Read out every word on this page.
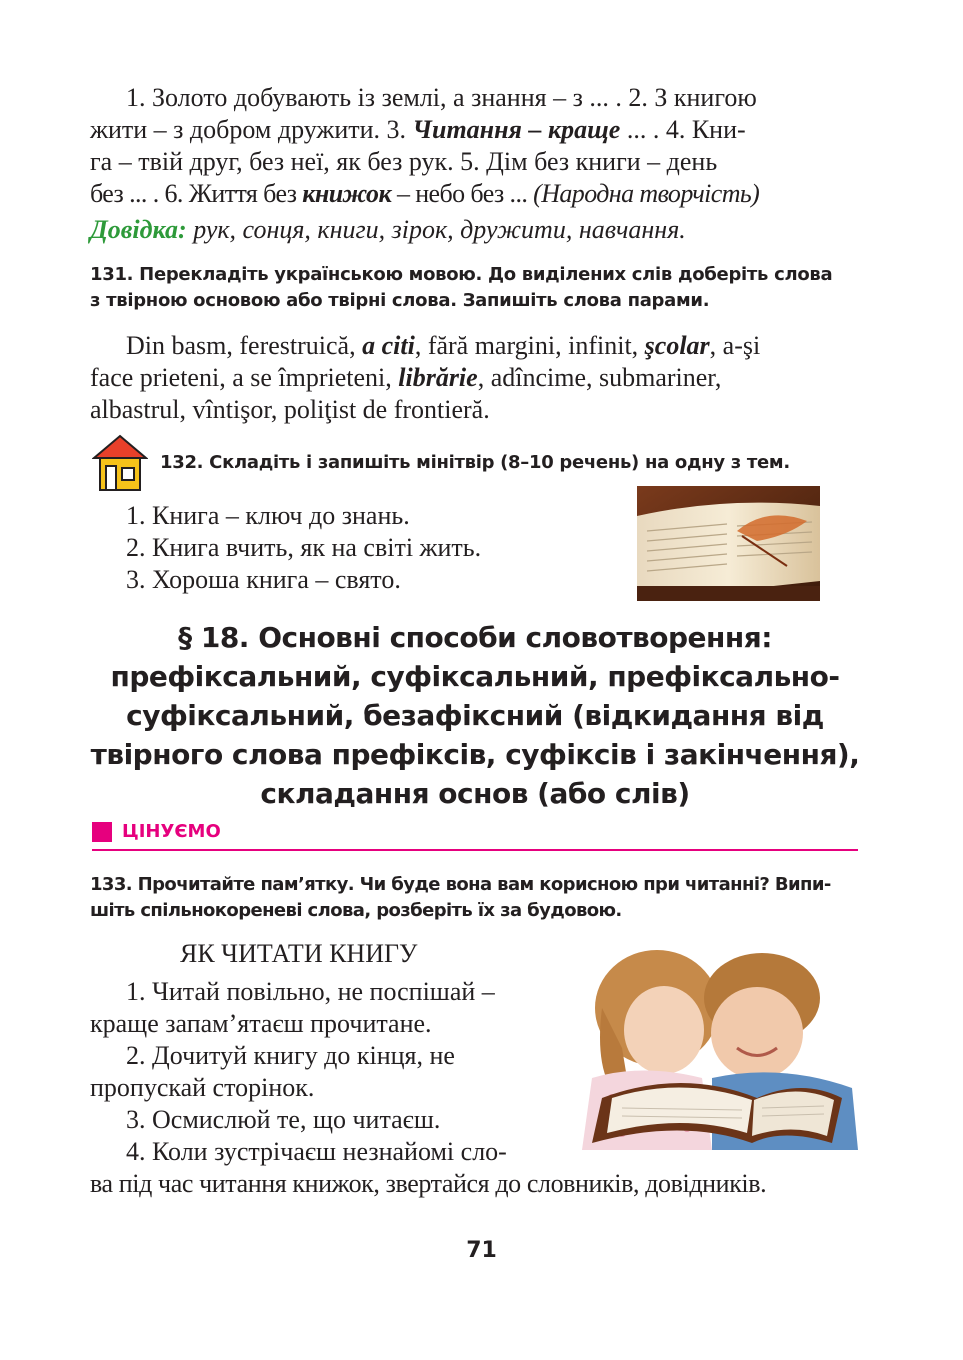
1. Золото добувають із землі, а знання – з ... . 2. З книгою
жити – з добром дружити. 3. Читання – краще ... . 4. Кни-
га – твій друг, без неї, як без рук. 5. Дім без книги – день
без ... . 6. Життя без книжок – небо без ... (Народна творчість)
Довідка: рук, сонця, книги, зірок, дружити, навчання.
131. Перекладіть українською мовою. До виділених слів доберіть слова
з твірною основою або твірні слова. Запишіть слова парами.
Din basm, ferestruică, a citi, fără margini, infinit, şcolar, a-şi
face prieteni, a se împrieteni, librărie, adîncime, submariner,
albastrul, vîntişor, poliţist de frontieră.
132. Складіть і запишіть мінітвір (8–10 речень) на одну з тем.
1. Книга – ключ до знань.
2. Книга вчить, як на світі жить.
3. Хороша книга – свято.
§ 18. Основні способи словотворення:
префіксальний, суфіксальний, префіксально-
суфіксальний, безафіксний (відкидання від
твірного слова префіксів, суфіксів і закінчення),
складання основ (або слів)
ЦІНУЄМО
133. Прочитайте пам’ятку. Чи буде вона вам корисною при читанні? Випи-
шіть спільнокореневі слова, розберіть їх за будовою.
ЯК ЧИТАТИ КНИГУ
1. Читай повільно, не поспішай –
краще запам’ятаєш прочитане.
2. Дочитуй книгу до кінця, не
пропускай сторінок.
3. Осмислюй те, що читаєш.
4. Коли зустрічаєш незнайомі сло-
ва під час читання книжок, звертайся до словників, довідників.
71
